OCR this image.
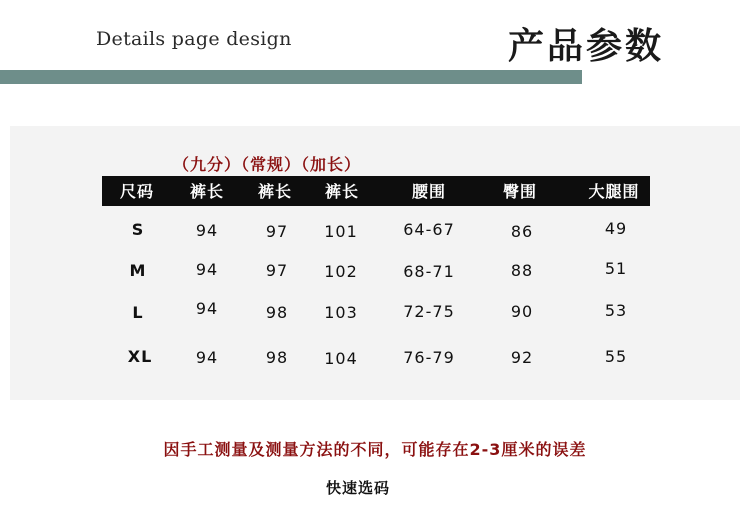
Details page design	产品参数
（九分）（常规）（加长）
尺码 裤长 裤长 裤长	腰围	臀围	大腿围
S	94	97 101	64-67	86	49
M	94	97 102	68-71	88	51
L	94	98 103	72-75	90	53
XL	94	98 104	76-79	92	55
因手工测量及测量方法的不同，可能存在2-3厘米的误差
快速选码
